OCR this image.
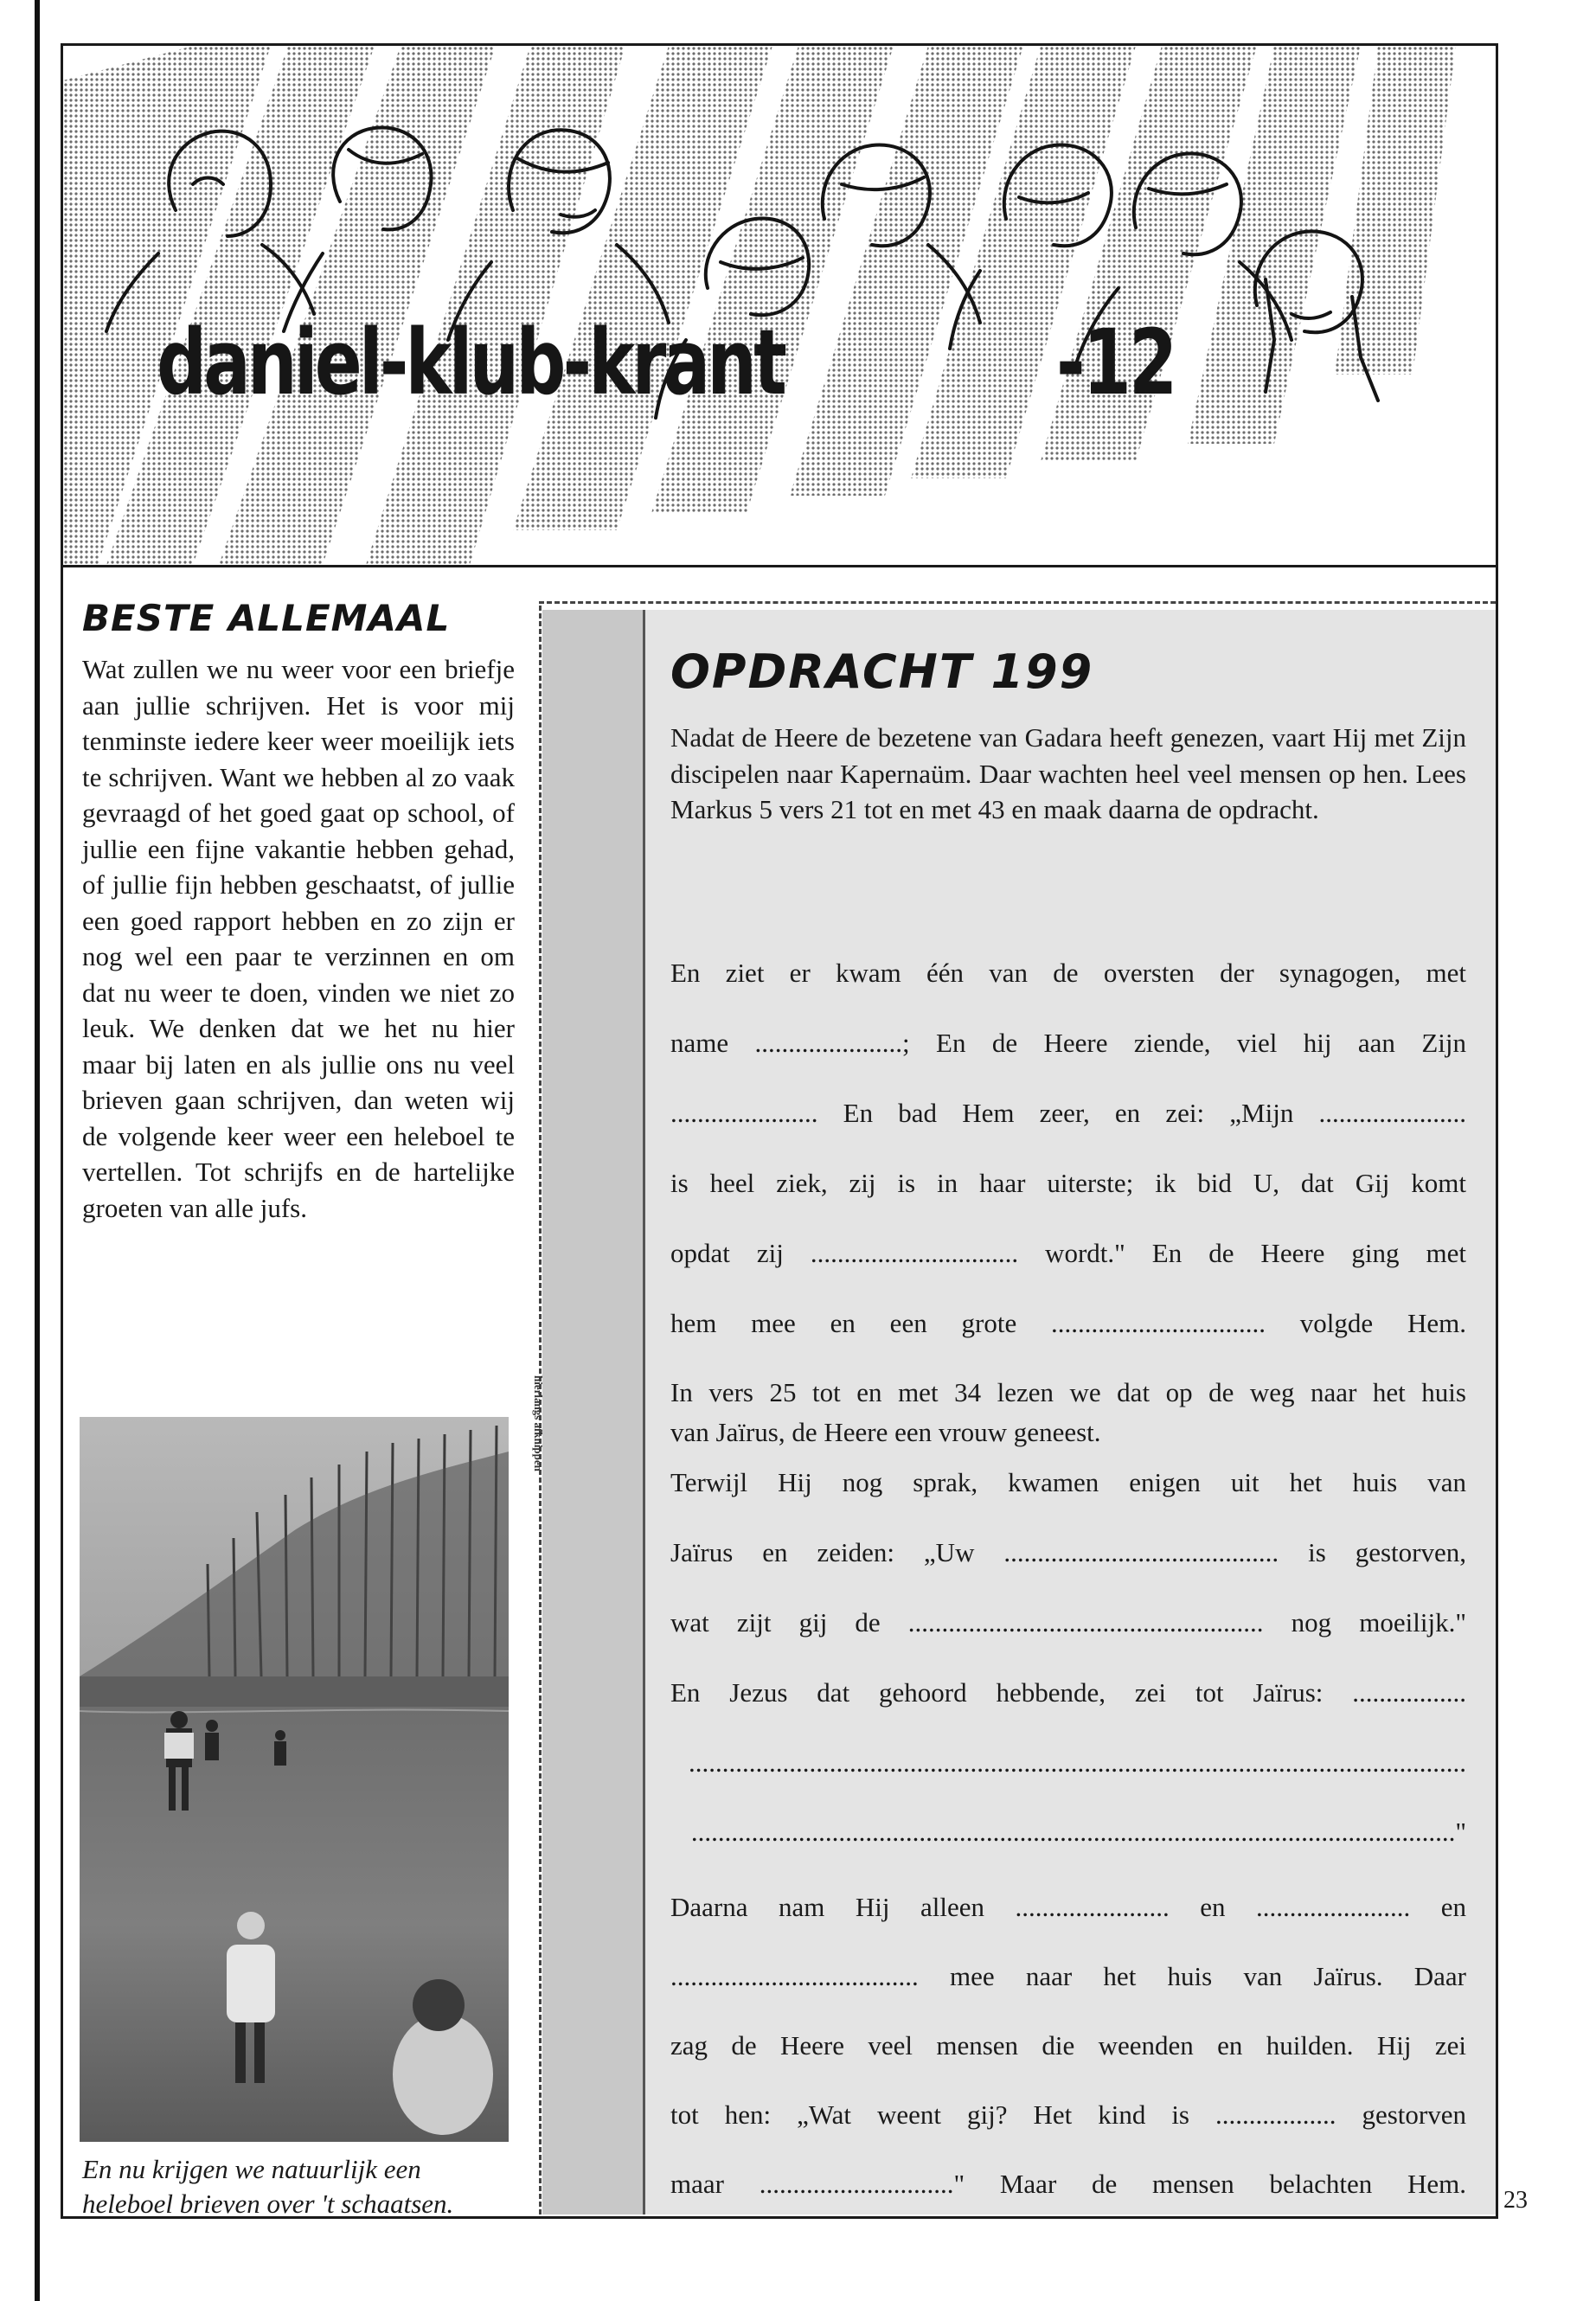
daniel-klub-krant	-12
BESTE ALLEMAAL

Wat zullen we nu weer voor een briefje aan jullie schrijven. Het is voor mij tenminste iedere keer weer moeilijk iets te schrijven. Want we hebben al zo vaak gevraagd of het goed gaat op school, of jullie een fijne vakantie hebben gehad, of jullie fijn hebben geschaatst, of jullie een goed rapport hebben en zo zijn er nog wel een paar te verzinnen en om dat nu weer te doen, vinden we niet zo leuk. We denken dat we het nu hier maar bij laten en als jullie ons nu veel brieven gaan schrijven, dan weten wij de volgende keer weer een heleboel te vertellen. Tot schrijfs en de hartelijke groeten van alle jufs.

En nu krijgen we natuurlijk een heleboel brieven over 't schaatsen.

hierlangs afknippen
OPDRACHT 199

Nadat de Heere de bezetene van Gadara heeft genezen, vaart Hij met Zijn discipelen naar Kapernaüm. Daar wachten heel veel mensen op hen. Lees Markus 5 vers 21 tot en met 43 en maak daarna de opdracht.

En ziet er kwam één van de oversten der synagogen, met

name ......................; En de Heere ziende, viel hij aan Zijn

...................... En bad Hem zeer, en zei: „Mijn ......................

is heel ziek, zij is in haar uiterste; ik bid U, dat Gij komt

opdat zij ............................... wordt." En de Heere ging met

hem mee en een grote ................................ volgde Hem.

In vers 25 tot en met 34 lezen we dat op de weg naar het huis

van Jaïrus, de Heere een vrouw geneest.

Terwijl Hij nog sprak, kwamen enigen uit het huis van

Jaïrus en zeiden: „Uw ......................................... is gestorven,

wat zijt gij de ..................................................... nog moeilijk."

En Jezus dat gehoord hebbende, zei tot Jaïrus: .................

....................................................................................................................

.................................................................................................................."

Daarna nam Hij alleen ....................... en ....................... en

..................................... mee naar het huis van Jaïrus. Daar

zag de Heere veel mensen die weenden en huilden. Hij zei

tot hen: „Wat weent gij? Het kind is .................. gestorven

maar ............................." Maar de mensen belachten Hem.

23
